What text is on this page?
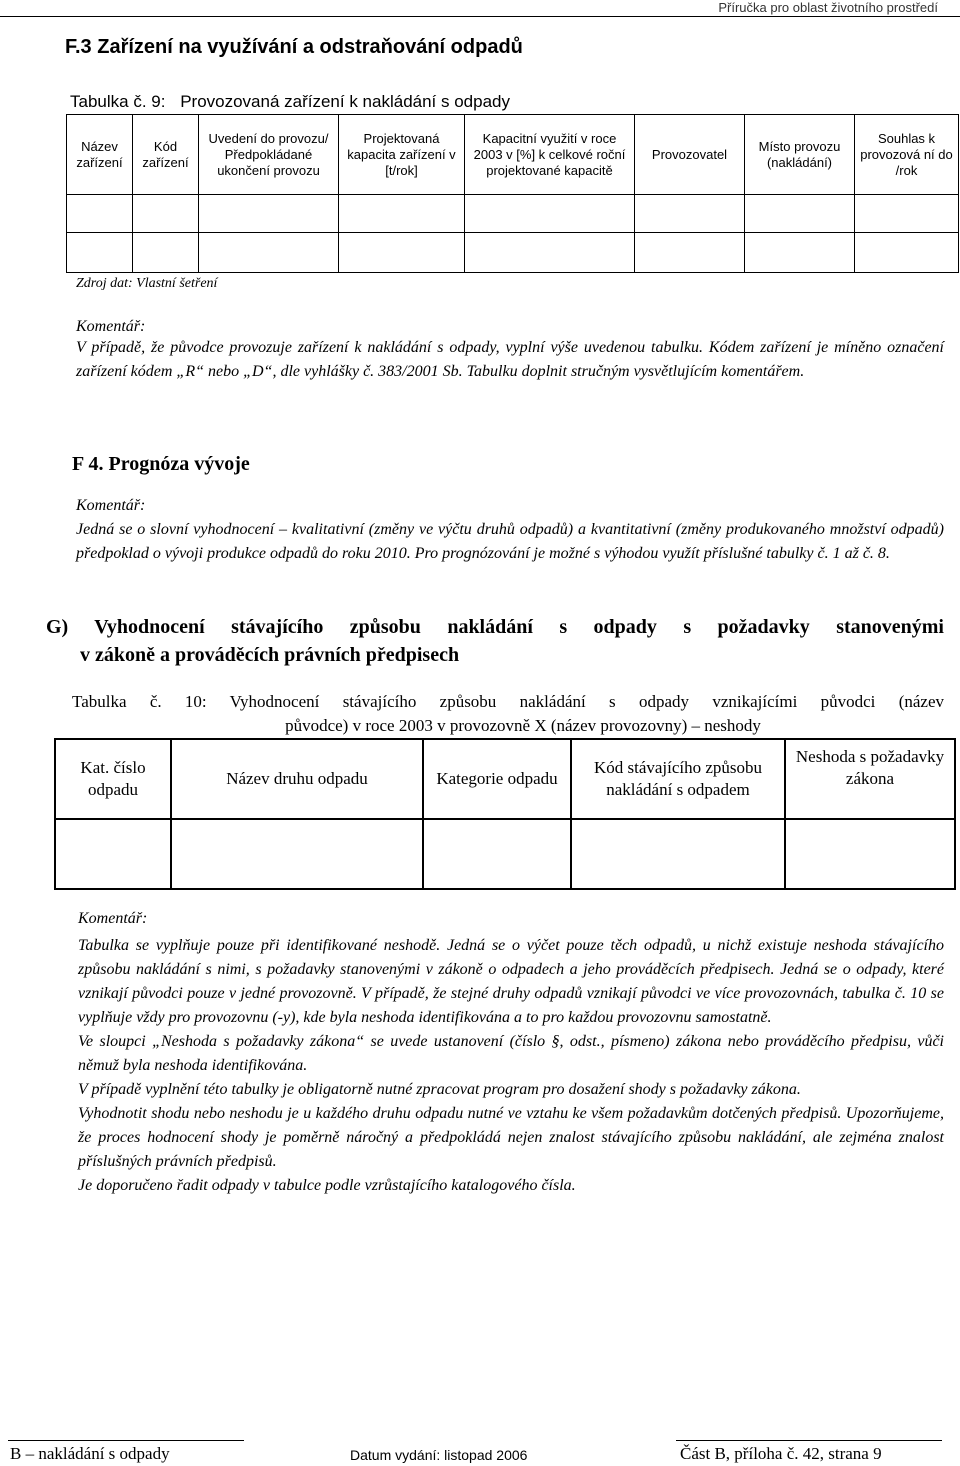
Příručka pro oblast životního prostředí
F.3 Zařízení na využívání a odstraňování odpadů
Tabulka č. 9: Provozovaná zařízení k nakládání s odpady
Název zařízení	Kód zařízení	Uvedení do provozu/ Předpokládané ukončení provozu	Projektovaná kapacita zařízení v [t/rok]	Kapacitní využití v roce 2003 v [%] k celkové roční projektované kapacitě	Provozovatel	Místo provozu (nakládání)	Souhlas k provozová ní do /rok

Zdroj dat: Vlastní šetření
Komentář:
V případě, že původce provozuje zařízení k nakládání s odpady, vyplní výše uvedenou tabulku. Kódem zařízení je míněno označení zařízení kódem „R“ nebo „D“, dle vyhlášky č. 383/2001 Sb. Tabulku doplnit stručným vysvětlujícím komentářem.
F 4. Prognóza vývoje
Komentář:
Jedná se o slovní vyhodnocení – kvalitativní (změny ve výčtu druhů odpadů) a kvantitativní (změny produkovaného množství odpadů) předpoklad o vývoji produkce odpadů do roku 2010. Pro prognózování je možné s výhodou využít příslušné tabulky č. 1 až č. 8.
G) Vyhodnocení stávajícího způsobu nakládání s odpady s požadavky stanovenými
v zákoně a prováděcích právních předpisech
Tabulka č. 10: Vyhodnocení stávajícího způsobu nakládání s odpady vznikajícími původci (název
původce) v roce 2003 v provozovně X (název provozovny) – neshody
Kat. číslo odpadu	Název druhu odpadu	Kategorie odpadu	Kód stávajícího způsobu nakládání s odpadem	Neshoda s požadavky zákona

Komentář:

Tabulka se vyplňuje pouze při identifikované neshodě. Jedná se o výčet pouze těch odpadů, u nichž existuje neshoda stávajícího způsobu nakládání s nimi, s požadavky stanovenými v zákoně o odpadech a jeho prováděcích předpisech. Jedná se o odpady, které vznikají původci pouze v jedné provozovně. V případě, že stejné druhy odpadů vznikají původci ve více provozovnách, tabulka č. 10 se vyplňuje vždy pro provozovnu (-y), kde byla neshoda identifikována a to pro každou provozovnu samostatně.

Ve sloupci „Neshoda s požadavky zákona“ se uvede ustanovení (číslo §, odst., písmeno) zákona nebo prováděcího předpisu, vůči němuž byla neshoda identifikována.

V případě vyplnění této tabulky je obligatorně nutné zpracovat program pro dosažení shody s požadavky zákona.

Vyhodnotit shodu nebo neshodu je u každého druhu odpadu nutné ve vztahu ke všem požadavkům dotčených předpisů. Upozorňujeme, že proces hodnocení shody je poměrně náročný a předpokládá nejen znalost stávajícího způsobu nakládání, ale zejména znalost příslušných právních předpisů.

Je doporučeno řadit odpady v tabulce podle vzrůstajícího katalogového čísla.

B – nakládání s odpady	Datum vydání: listopad 2006	Část B, příloha č. 42, strana 9
